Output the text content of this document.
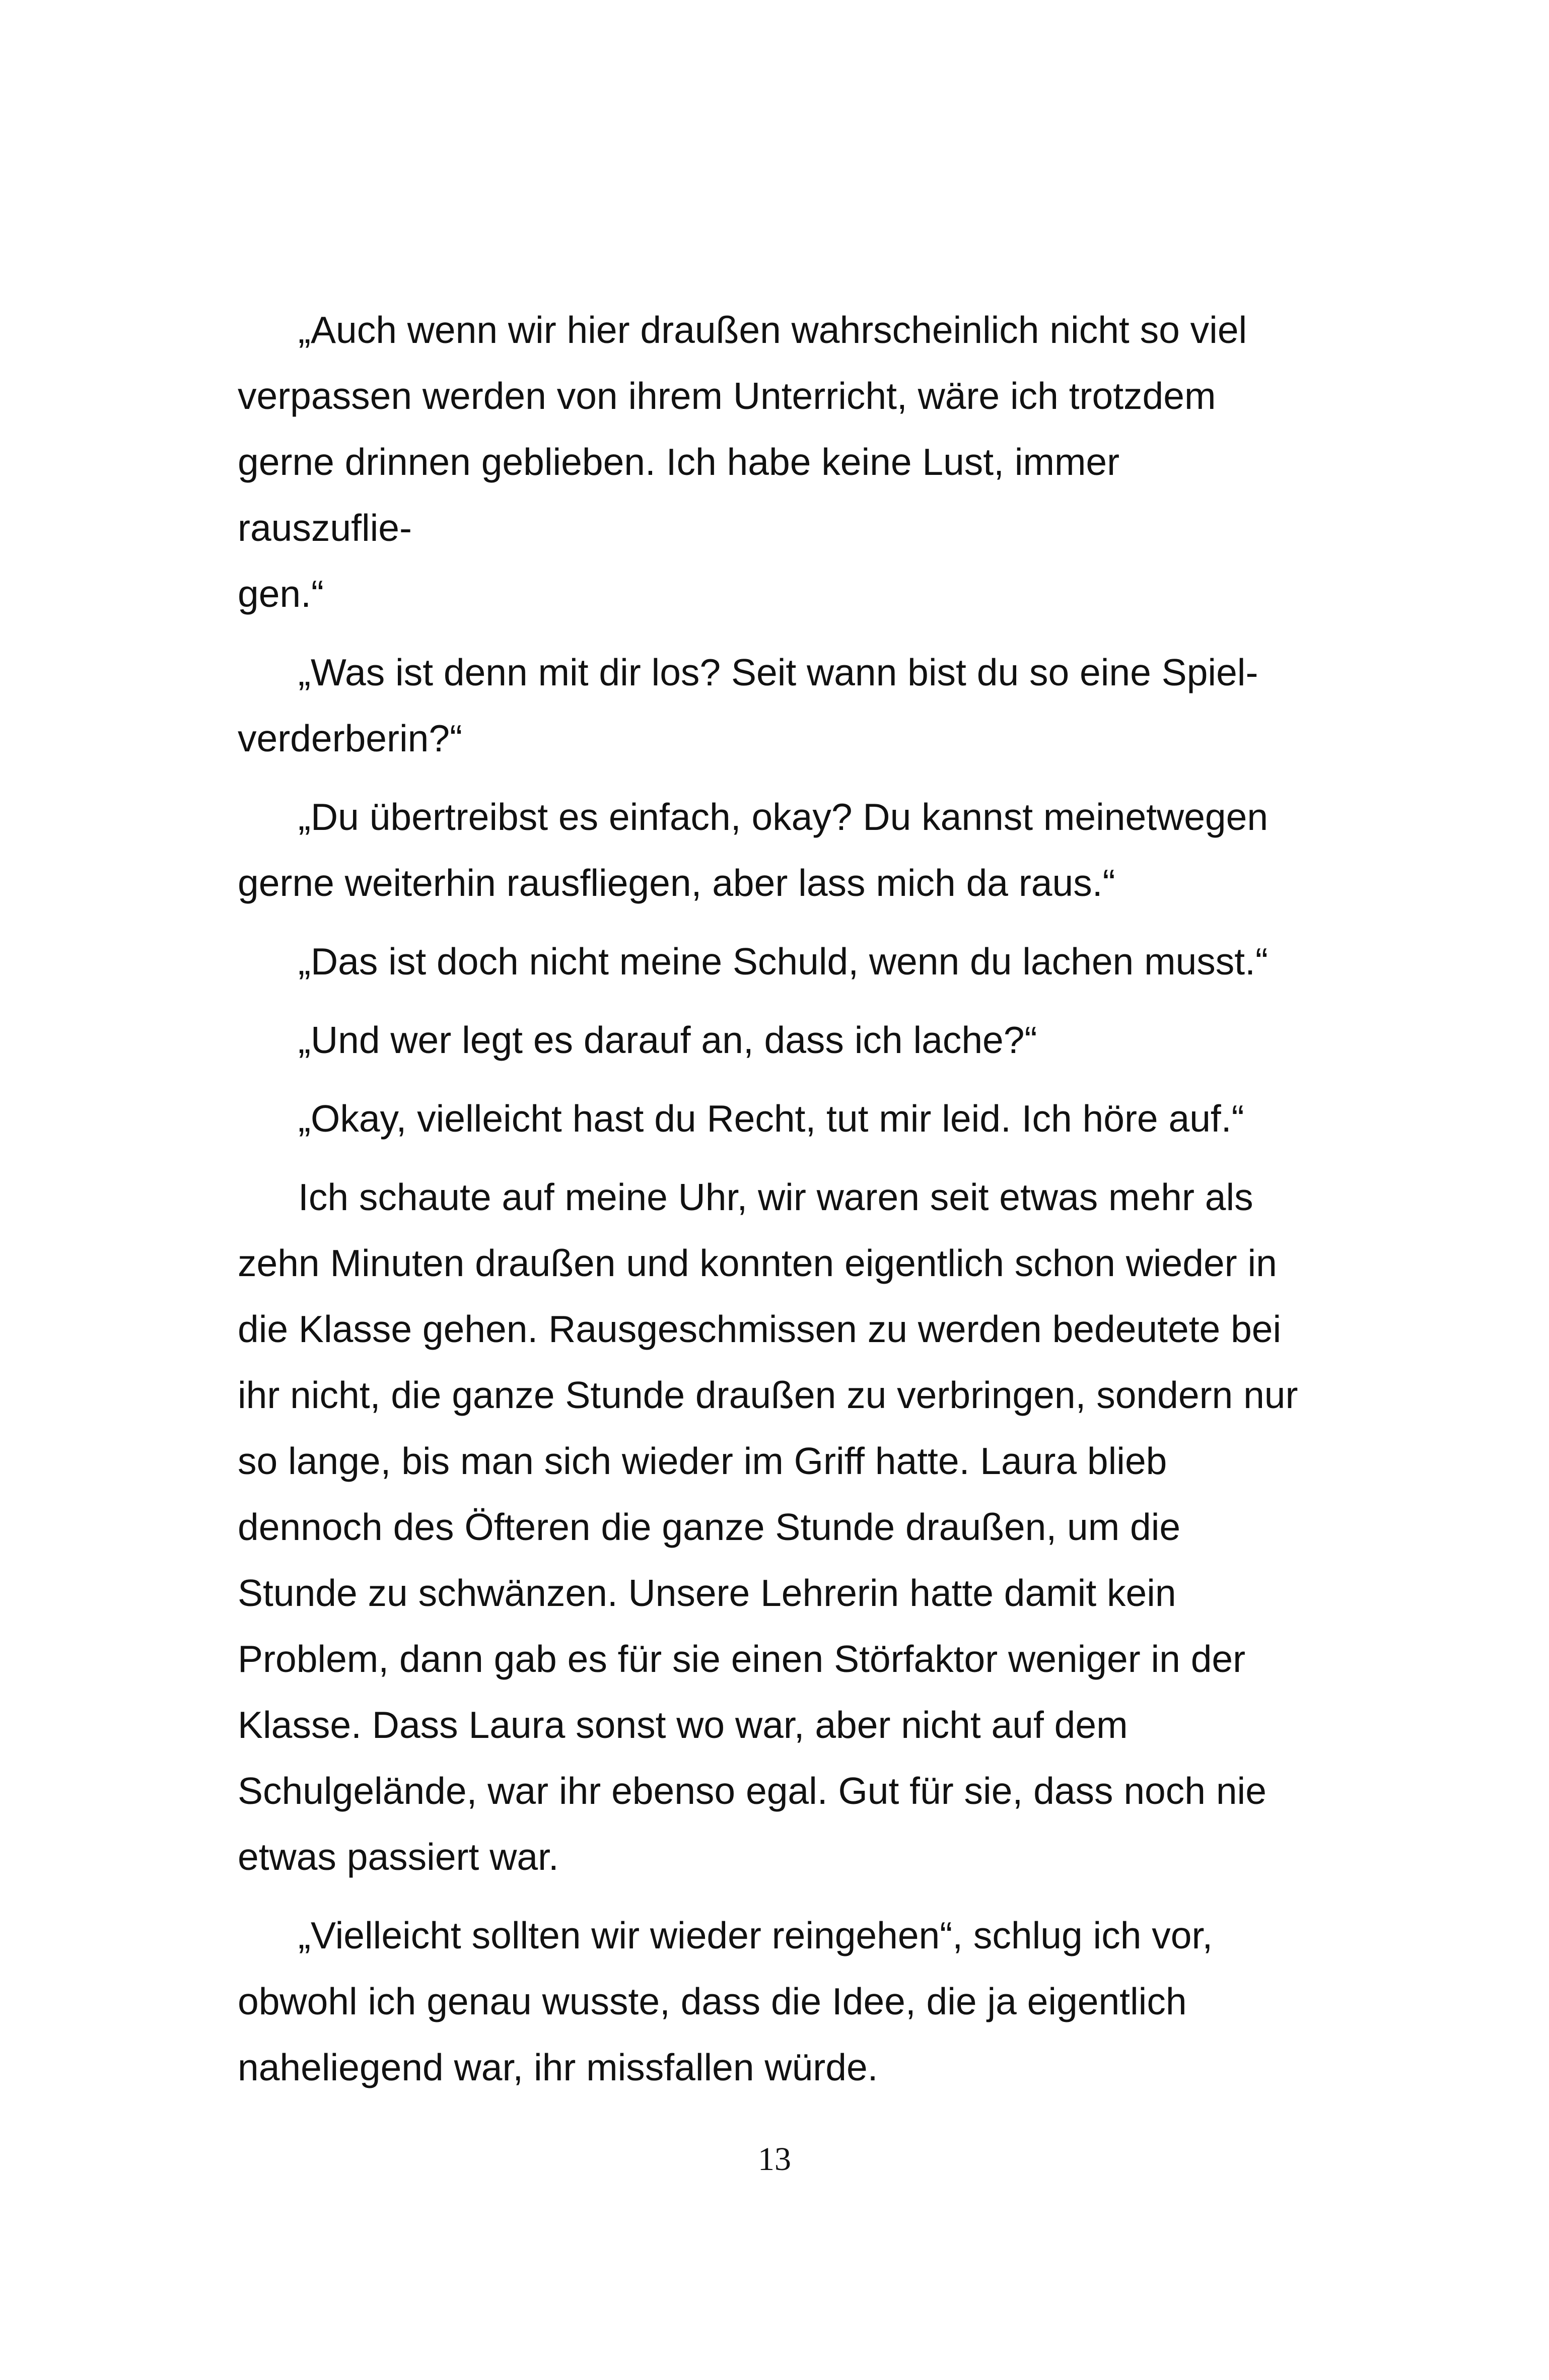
„Auch wenn wir hier draußen wahrscheinlich nicht so viel
verpassen werden von ihrem Unterricht, wäre ich trotzdem
gerne drinnen geblieben. Ich habe keine Lust, immer rauszuflie-
gen.“

„Was ist denn mit dir los? Seit wann bist du so eine Spiel-
verderberin?“

„Du übertreibst es einfach, okay? Du kannst meinetwegen
gerne weiterhin rausfliegen, aber lass mich da raus.“

„Das ist doch nicht meine Schuld, wenn du lachen musst.“

„Und wer legt es darauf an, dass ich lache?“

„Okay, vielleicht hast du Recht, tut mir leid. Ich höre auf.“

Ich schaute auf meine Uhr, wir waren seit etwas mehr als
zehn Minuten draußen und konnten eigentlich schon wieder in
die Klasse gehen. Rausgeschmissen zu werden bedeutete bei
ihr nicht, die ganze Stunde draußen zu verbringen, sondern nur
so lange, bis man sich wieder im Griff hatte. Laura blieb
dennoch des Öfteren die ganze Stunde draußen, um die
Stunde zu schwänzen. Unsere Lehrerin hatte damit kein
Problem, dann gab es für sie einen Störfaktor weniger in der
Klasse. Dass Laura sonst wo war, aber nicht auf dem
Schulgelände, war ihr ebenso egal. Gut für sie, dass noch nie
etwas passiert war.

„Vielleicht sollten wir wieder reingehen“, schlug ich vor,
obwohl ich genau wusste, dass die Idee, die ja eigentlich
naheliegend war, ihr missfallen würde.

13
